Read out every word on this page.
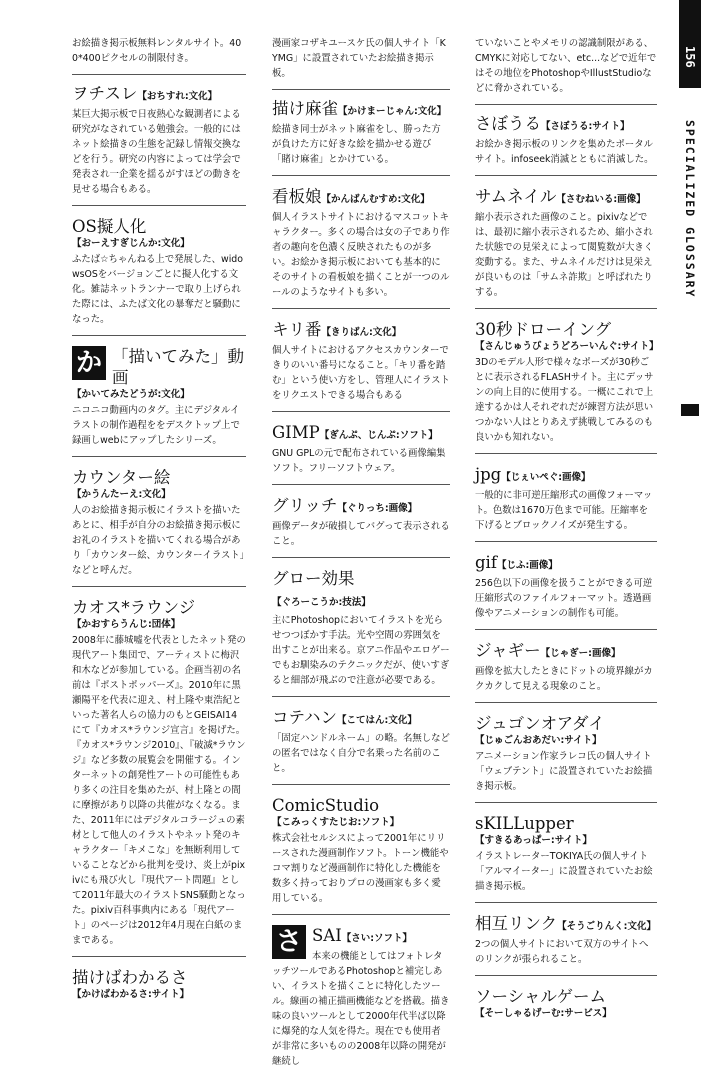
お絵描き掲示板無料レンタルサイト。400*400ピクセルの制限付き。

ヲチスレ【おちすれ:文化】

某巨大掲示板で日夜熱心な観測者による研究がなされている勉強会。一般的にはネット絵描きの生態を記録し情報交換などを行う。研究の内容によっては学会で発表され一企業を揺るがすほどの動きを見せる場合もある。

OS擬人化

【おーえすぎじんか:文化】

ふたば☆ちゃんねる上で発展した、widowsOSをバージョンごとに擬人化する文化。雑誌ネットランナーで取り上げられた際には、ふたば文化の暴奪だと騒動になった。

か 「描いてみた」動画

【かいてみたどうが:文化】

ニコニコ動画内のタグ。主にデジタルイラストの制作過程ををデスクトップ上で録画しwebにアップしたシリーズ。

カウンター絵

【かうんたーえ:文化】

人のお絵描き掲示板にイラストを描いたあとに、相手が自分のお絵描き掲示板にお礼のイラストを描いてくれる場合があり「カウンター絵、カウンターイラスト」などと呼んだ。

カオス*ラウンジ

【かおすらうんじ:団体】

2008年に藤城嘘を代表としたネット発の現代アート集団で、アーティストに梅沢和木などが参加している。企画当初の名前は『ポストポッパーズ』。2010年に黒瀬陽平を代表に迎え、村上隆や東浩紀といった著名人らの協力のもとGEISAI14にて『カオス*ラウンジ宣言』を掲げた。『カオス*ラウンジ2010』、『破滅*ラウンジ』など多数の展覧会を開催する。インターネットの創発性アートの可能性もあり多くの注目を集めたが、村上隆との間に摩擦があり以降の共催がなくなる。また、2011年にはデジタルコラージュの素材として他人のイラストやネット発のキャラクター「キメこな」を無断利用していることなどから批判を受け、炎上がpixivにも飛び火し『現代アート問題』として2011年最大のイラストSNS騒動となった。pixiv百科事典内にある「現代アート」のページは2012年4月現在白紙のままである。

描けばわかるさ

【かけばわかるさ:サイト】

漫画家コザキユースケ氏の個人サイト「KYMG」に設置されていたお絵描き掲示板。

描け麻雀【かけまーじゃん:文化】

絵描き同士がネット麻雀をし、勝った方が負けた方に好きな絵を描かせる遊び「賭け麻雀」とかけている。

看板娘【かんばんむすめ:文化】

個人イラストサイトにおけるマスコットキャラクター。多くの場合は女の子であり作者の趣向を色濃く反映されたものが多い。お絵かき掲示板においても基本的にそのサイトの看板娘を描くことが一つのルールのようなサイトも多い。

キリ番【きりばん:文化】

個人サイトにおけるアクセスカウンターできりのいい番号になること。「キリ番を踏む」という使い方をし、管理人にイラストをリクエストできる場合もある

GIMP【ぎんぷ、じんぷ:ソフト】

GNU GPLの元で配布されている画像編集ソフト。フリーソフトウェア。

グリッチ【ぐりっち:画像】

画像データが破損してバグって表示されること。

グロー効果【ぐろーこうか:技法】

主にPhotoshopにおいてイラストを光らせつつぼかす手法。光や空間の雰囲気を出すことが出来る。京アニ作品やエロゲーでもお馴染みのテクニックだが、使いすぎると細部が飛ぶので注意が必要である。

コテハン【こてはん:文化】

「固定ハンドルネーム」の略。名無しなどの匿名ではなく自分で名乗った名前のこと。

ComicStudio

【こみっくすたじお:ソフト】

株式会社セルシスによって2001年にリリースされた漫画制作ソフト。トーン機能やコマ割りなど漫画制作に特化した機能を数多く持っておりプロの漫画家も多く愛用している。

さ SAI【さい:ソフト】

本来の機能としてはフォトレタッチツールであるPhotoshopと補完しあい、イラストを描くことに特化したツール。線画の補正描画機能などを搭載。描き味の良いツールとして2000年代半ば以降に爆発的な人気を得た。現在でも使用者が非常に多いものの2008年以降の開発が継続し

ていないことやメモリの認識制限がある、CMYKに対応してない、etc...などで近年ではその地位をPhotoshopやIllustStudioなどに脅かされている。

さぼうる【さぼうる:サイト】

お絵かき掲示板のリンクを集めたポータルサイト。infoseek消滅とともに消滅した。

サムネイル【さむねいる:画像】

縮小表示された画像のこと。pixivなどでは、最初に縮小表示されるため、縮小された状態での見栄えによって閲覧数が大きく変動する。また、サムネイルだけは見栄えが良いものは「サムネ詐欺」と呼ばれたりする。

30秒ドローイング

【さんじゅうびょうどろーいんぐ:サイト】

3Dのモデル人形で様々なポーズが30秒ごとに表示されるFLASHサイト。主にデッサンの向上目的に使用する。一概にこれで上達するかは人それぞれだが練習方法が思いつかない人はとりあえず挑戦してみるのも良いかも知れない。

jpg【じぇいぺぐ:画像】

一般的に非可逆圧縮形式の画像フォーマット。色数は1670万色まで可能。圧縮率を下げるとブロックノイズが発生する。

gif【じふ:画像】

256色以下の画像を扱うことができる可逆圧縮形式のファイルフォーマット。透過画像やアニメーションの制作も可能。

ジャギー【じゃぎー:画像】

画像を拡大したときにドットの境界線がカクカクして見える現象のこと。

ジュゴンオアダイ

【じゅごんおあだい:サイト】

アニメーション作家ラレコ氏の個人サイト「ウェブテント」に設置されていたお絵描き掲示板。

sKILLupper

【すきるあっぱー:サイト】

イラストレーターTOKIYA氏の個人サイト「アルマイーター」に設置されていたお絵描き掲示板。

相互リンク【そうごりんく:文化】

2つの個人サイトにおいて双方のサイトへのリンクが張られること。

ソーシャルゲーム

【そーしゃるげーむ:サービス】

156
SPECIALIZED GLOSSARY
